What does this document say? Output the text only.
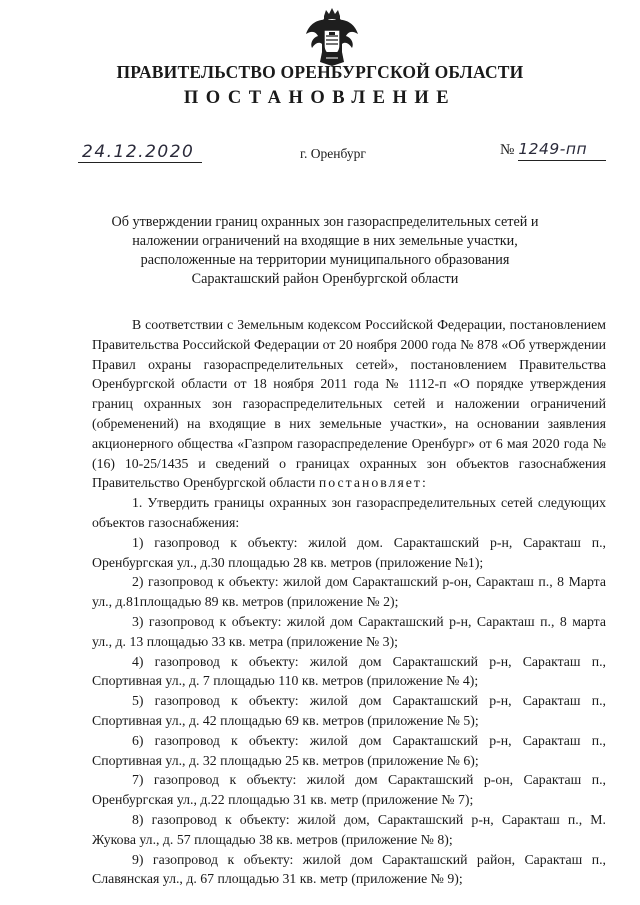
ПРАВИТЕЛЬСТВО ОРЕНБУРГСКОЙ ОБЛАСТИ
ПОСТАНОВЛЕНИЕ
24.12.2020	г. Оренбург	№ 1249-пп
Об утверждении границ охранных зон газораспределительных сетей и наложении ограничений на входящие в них земельные участки, расположенные на территории муниципального образования Саракташский район Оренбургской области

В соответствии с Земельным кодексом Российской Федерации, постановлением Правительства Российской Федерации от 20 ноября 2000 года № 878 «Об утверждении Правил охраны газораспределительных сетей», постановлением Правительства Оренбургской области от 18 ноября 2011 года № 1112-п «О порядке утверждения границ охранных зон газораспределительных сетей и наложении ограничений (обременений) на входящие в них земельные участки», на основании заявления акционерного общества «Газпром газораспределение Оренбург» от 6 мая 2020 года № (16) 10-25/1435 и сведений о границах охранных зон объектов газоснабжения Правительство Оренбургской области постановляет:

1. Утвердить границы охранных зон газораспределительных сетей следующих объектов газоснабжения:

1) газопровод к объекту: жилой дом. Саракташский р-н, Саракташ п., Оренбургская ул., д.30 площадью 28 кв. метров (приложение №1);

2) газопровод к объекту: жилой дом Саракташский р-он, Саракташ п., 8 Марта ул., д.81площадью 89 кв. метров (приложение № 2);

3) газопровод к объекту: жилой дом Саракташский р-н, Саракташ п., 8 марта ул., д. 13 площадью 33 кв. метра (приложение № 3);

4) газопровод к объекту: жилой дом Саракташский р-н, Саракташ п., Спортивная ул., д. 7 площадью 110 кв. метров (приложение № 4);

5) газопровод к объекту: жилой дом Саракташский р-н, Саракташ п., Спортивная ул., д. 42 площадью 69 кв. метров (приложение № 5);

6) газопровод к объекту: жилой дом Саракташский р-н, Саракташ п., Спортивная ул., д. 32 площадью 25 кв. метров (приложение № 6);

7) газопровод к объекту: жилой дом Саракташский р-он, Саракташ п., Оренбургская ул., д.22 площадью 31 кв. метр (приложение № 7);

8) газопровод к объекту: жилой дом, Саракташский р-н, Саракташ п., М. Жукова ул., д. 57 площадью 38 кв. метров (приложение № 8);

9) газопровод к объекту: жилой дом Саракташский район, Саракташ п., Славянская ул., д. 67 площадью 31 кв. метр (приложение № 9);
